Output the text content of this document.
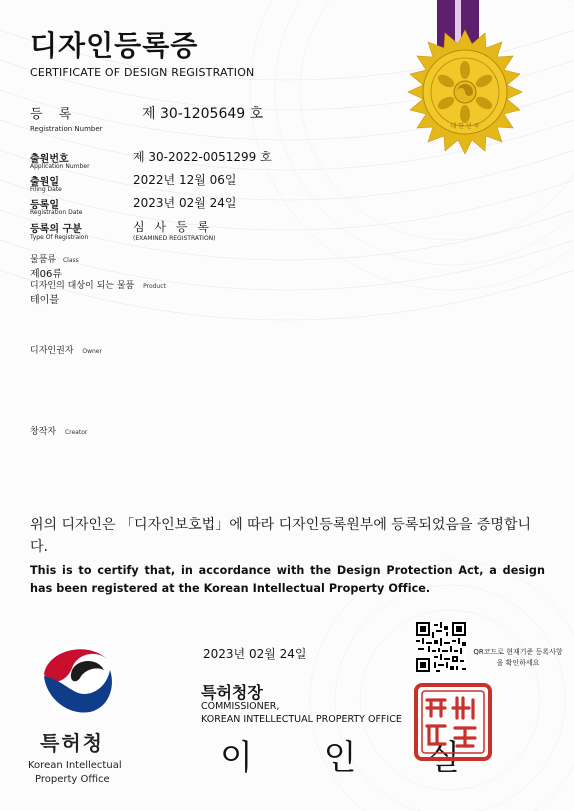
디자인등록증
CERTIFICATE OF DESIGN REGISTRATION
대 한 민 국
등 록
Registration Number
제 30-1205649 호
출원번호
Application Number
제 30-2022-0051299 호
출원일
Filing Date
2022년 12월 06일
등록일
Registration Date
2023년 02월 24일
등록의 구분
Type Of Registraion
심 사 등 록
(EXAMINED REGISTRATION)
물품류 Class
제06류
디자인의 대상이 되는 물품 Product
테이블
디자인권자 Owner
창작자 Creator
위의 디자인은 「디자인보호법」에 따라 디자인등록원부에 등록되었음을 증명합니다.
This is to certify that, in accordance with the Design Protection Act, a design has been registered at the Korean Intellectual Property Office.
2023년 02월 24일	QR코드로 현재기준 등록사항을 확인하세요
특허청장
COMMISSIONER,
KOREAN INTELLECTUAL PROPERTY OFFICE
이 인 실
특허청
Korean Intellectual
Property Office
